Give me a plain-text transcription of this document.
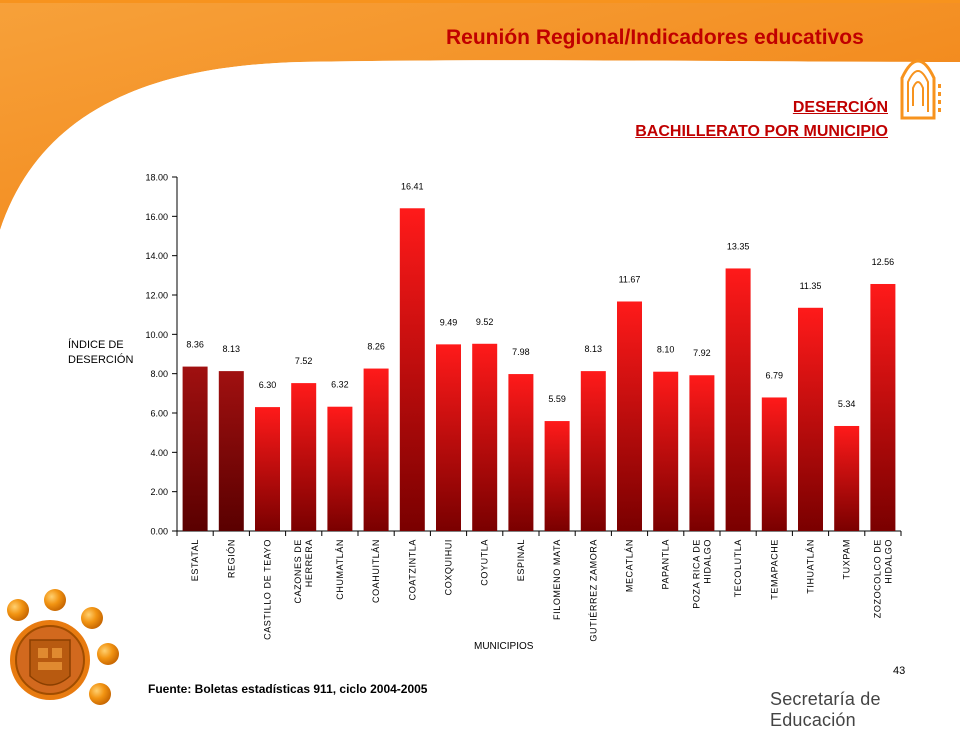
Reunión Regional/Indicadores educativos
DESERCIÓN
BACHILLERATO POR MUNICIPIO
0.00
2.00
4.00
6.00
8.00
10.00
12.00
14.00
16.00
18.00
8.36
ESTATAL
8.13
REGIÓN
6.30
CASTILLO DE TEAYO
7.52
CAZONES DE HERRERA
6.32
CHUMATLÁN
8.26
COAHUITLÁN
16.41
COATZINTLA
9.49
COXQUIHUI
9.52
COYUTLA
7.98
ESPINAL
5.59
FILOMENO MATA
8.13
GUTIÉRREZ ZAMORA
11.67
MECATLÁN
8.10
PAPANTLA
7.92
POZA RICA DE HIDALGO
13.35
TECOLUTLA
6.79
TEMAPACHE
11.35
TIHUATLÁN
5.34
TUXPAM
12.56
ZOZOCOLCO DE HIDALGO
ÍNDICE DE
DESERCIÓN
MUNICIPIOS
43
Fuente: Boletas estadísticas 911, ciclo 2004-2005	Secretaría de Educación
